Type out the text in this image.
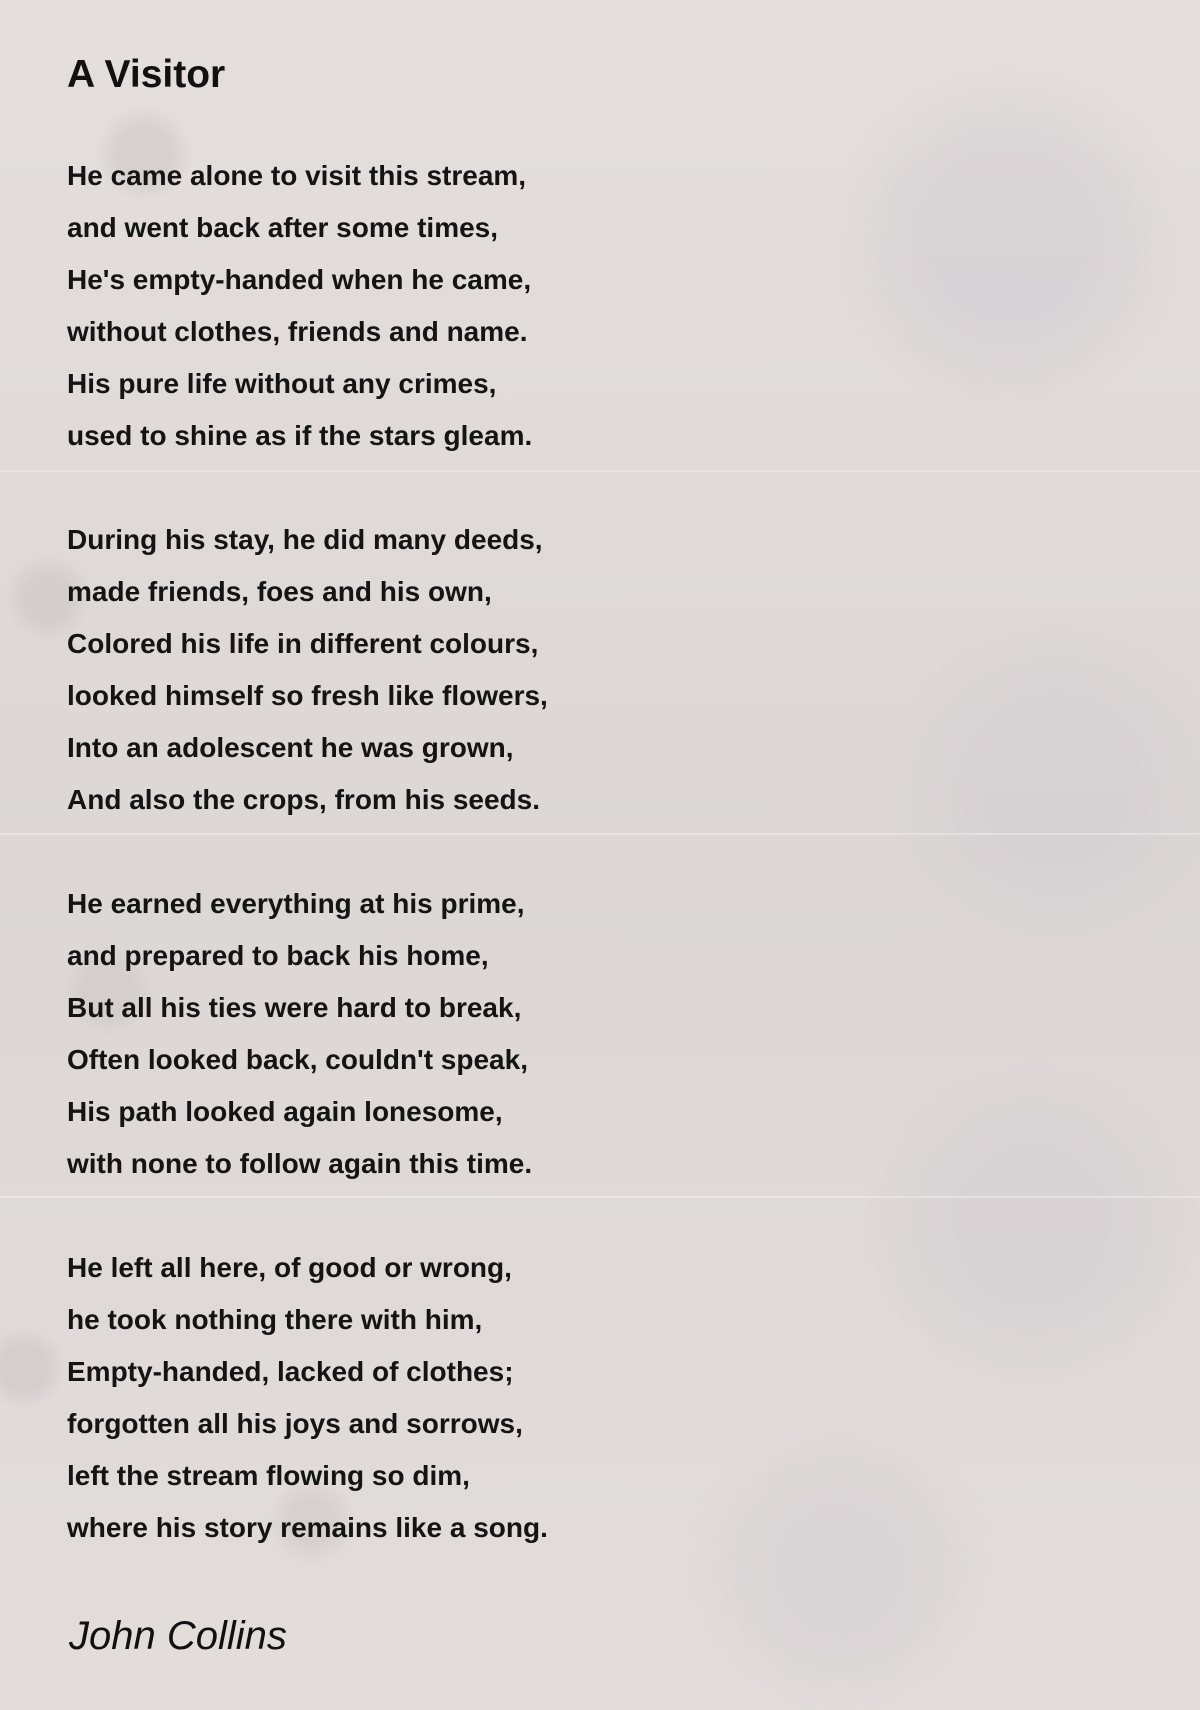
A Visitor
He came alone to visit this stream,
and went back after some times,
He's empty-handed when he came,
without clothes, friends and name.
His pure life without any crimes,
used to shine as if the stars gleam.
During his stay, he did many deeds,
made friends, foes and his own,
Colored his life in different colours,
looked himself so fresh like flowers,
Into an adolescent he was grown,
And also the crops, from his seeds.
He earned everything at his prime,
and prepared to back his home,
But all his ties were hard to break,
Often looked back, couldn't speak,
His path looked again lonesome,
with none to follow again this time.
He left all here, of good or wrong,
he took nothing there with him,
Empty-handed, lacked of clothes;
forgotten all his joys and sorrows,
left the stream flowing so dim,
where his story remains like a song.
John Collins
